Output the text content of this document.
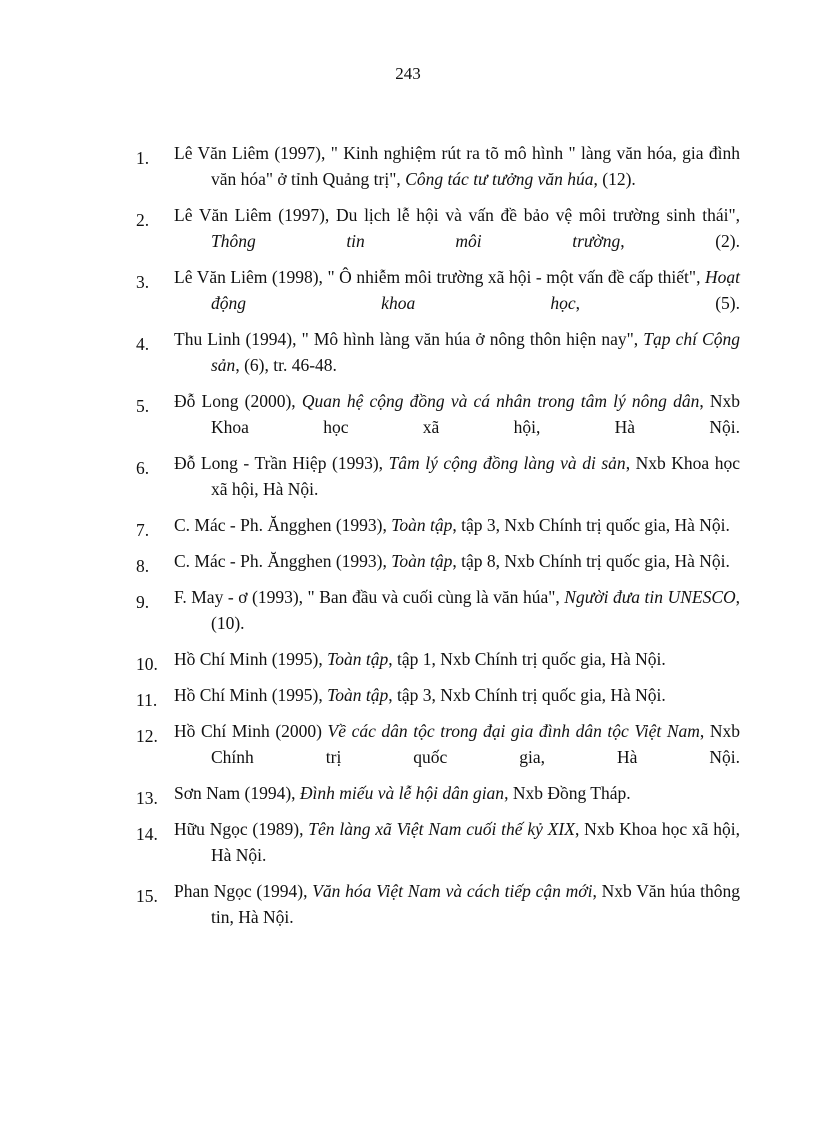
243
1. Lê Văn Liêm (1997), " Kinh nghiệm rút ra tõ mô hình " làng văn hóa, gia đình văn hóa" ở tỉnh Quảng trị", Công tác tư tưởng văn húa, (12).
2. Lê Văn Liêm (1997), Du lịch lễ hội và vấn đề bảo vệ môi trường sinh thái", Thông tin môi trường, (2).
3. Lê Văn Liêm (1998), " Ô nhiễm môi trường xã hội - một vấn đề cấp thiết", Hoạt động khoa học, (5).
4. Thu Linh (1994), " Mô hình làng văn húa ở nông thôn hiện nay", Tạp chí Cộng sản, (6), tr. 46-48.
5. Đỗ Long (2000), Quan hệ cộng đồng và cá nhân trong tâm lý nông dân, Nxb Khoa học xã hội, Hà Nội.
6. Đỗ Long - Trần Hiệp (1993), Tâm lý cộng đồng làng và di sản, Nxb Khoa học xã hội, Hà Nội.
7. C. Mác - Ph. Ăngghen (1993), Toàn tập, tập 3, Nxb Chính trị quốc gia, Hà Nội.
8. C. Mác - Ph. Ăngghen (1993), Toàn tập, tập 8, Nxb Chính trị quốc gia, Hà Nội.
9. F. May - ơ (1993), " Ban đầu và cuối cùng là văn húa", Người đưa tin UNESCO, (10).
10. Hồ Chí Minh (1995), Toàn tập, tập 1, Nxb Chính trị quốc gia, Hà Nội.
11. Hồ Chí Minh (1995), Toàn tập, tập 3, Nxb Chính trị quốc gia, Hà Nội.
12. Hồ Chí Minh (2000) Về các dân tộc trong đại gia đình dân tộc Việt Nam, Nxb Chính trị quốc gia, Hà Nội.
13. Sơn Nam (1994), Đình miếu và lễ hội dân gian, Nxb Đồng Tháp.
14. Hữu Ngọc (1989), Tên làng xã Việt Nam cuối thế kỷ XIX, Nxb Khoa học xã hội, Hà Nội.
15. Phan Ngọc (1994), Văn hóa Việt Nam và cách tiếp cận mới, Nxb Văn húa thông tin, Hà Nội.
